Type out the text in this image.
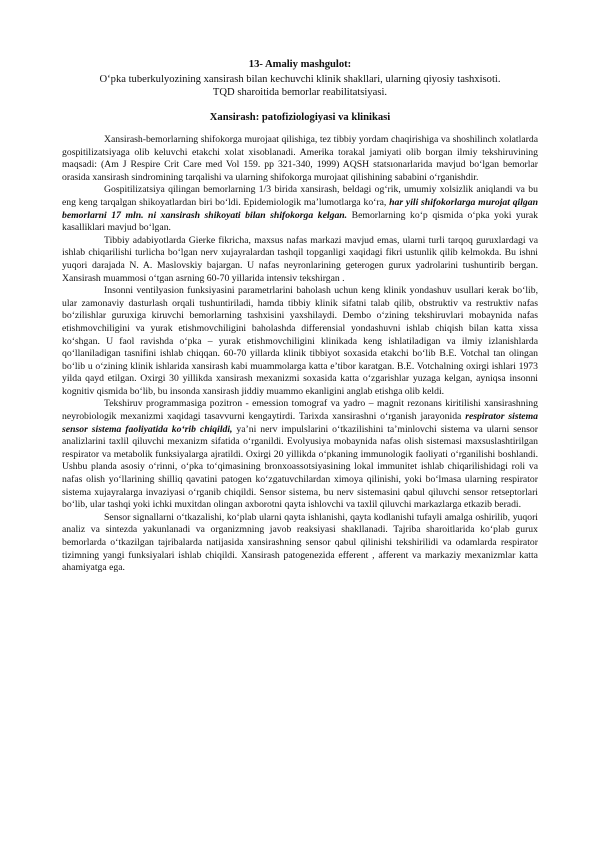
13- Amaliy mashgulot:

O‘pka tuberkulyozining xansirash bilan kechuvchi klinik shakllari, ularning qiyosiy tashxisoti.
TQD sharoitida bemorlar reabilitatsiyasi.

Xansirash: patofiziologiyasi va klinikasi

Xansirash-bemorlarning shifokorga murojaat qilishiga, tez tibbiy yordam chaqirishiga va shoshilinch xolatlarda gospitilizatsiyaga olib keluvchi etakchi xolat xisoblanadi. Amerika torakal jamiyati olib borgan ilmiy tekshiruvining maqsadi: (Am J Respire Crit Care med Vol 159. pp 321-340, 1999) AQSH statsıonarlarida mavjud bo‘lgan bemorlar orasida xansirash sindromining tarqalishi va ularning shifokorga murojaat qilishining sababini o‘rganishdir.

Gospitilizatsiya qilingan bemorlarning 1/3 birida xansirash, beldagi og‘rik, umumiy xolsizlik aniqlandi va bu eng keng tarqalgan shikoyatlardan biri bo‘ldi. Epidemiologik ma’lumotlarga ko‘ra, har yili shifokorlarga murojat qilgan bemorlarni 17 mln. ni xansirash shikoyati bilan shifokorga kelgan. Bemorlarning ko‘p qismida o‘pka yoki yurak kasalliklari mavjud bo‘lgan.

Tibbiy adabiyotlarda Gierke fikricha, maxsus nafas markazi mavjud emas, ularni turli tarqoq guruxlardagi va ishlab chiqarilishi turlicha bo‘lgan nerv xujayralardan tashqil topganligi xaqidagi fikri ustunlik qilib kelmokda. Bu ishni yuqori darajada N. A. Maslovskiy bajargan. U nafas neyronlarining geterogen gurux yadrolarini tushuntirib bergan. Xansirash muammosi o‘tgan asrning 60-70 yillarida intensiv tekshirgan .

Insonni ventilyasion funksiyasini parametrlarini baholash uchun keng klinik yondashuv usullari kerak bo‘lib, ular zamonaviy dasturlash orqali tushuntiriladi, hamda tibbiy klinik sifatni talab qilib, obstruktiv va restruktiv nafas bo‘zilishlar guruxiga kiruvchi bemorlarning tashxisini yaxshilaydi. Dembo o‘zining tekshiruvlari mobaynida nafas etishmovchiligini va yurak etishmovchiligini baholashda differensial yondashuvni ishlab chiqish bilan katta xissa ko‘shgan. U faol ravishda o‘pka – yurak etishmovchiligini klinikada keng ishlatiladigan va ilmiy izlanishlarda qo‘llaniladigan tasnifini ishlab chiqqan. 60-70 yillarda klinik tibbiyot soxasida etakchi bo‘lib B.E. Votchal tan olingan bo‘lib u o‘zining klinik ishlarida xansirash kabi muammolarga katta e’tibor karatgan. B.E. Votchalning oxirgi ishlari 1973 yilda qayd etilgan. Oxirgi 30 yillikda xansirash mexanizmi soxasida katta o‘zgarishlar yuzaga kelgan, ayniqsa insonni kognitiv qismida bo‘lib, bu insonda xansirash jiddiy muammo ekanligini anglab etishga olib keldi.

Tekshiruv programmasiga pozitron - emession tomograf va yadro – magnit rezonans kiritilishi xansirashning neyrobiologik mexanizmi xaqidagi tasavvurni kengaytirdi. Tarixda xansirashni o‘rganish jarayonida respirator sistema sensor sistema faoliyatida ko‘rib chiqildi, ya’ni nerv impulslarini o‘tkazilishini ta’minlovchi sistema va ularni sensor analizlarini taxlil qiluvchi mexanizm sifatida o‘rganildi. Evolyusiya mobaynida nafas olish sistemasi maxsuslashtirilgan respirator va metabolik funksiyalarga ajratildi. Oxirgi 20 yillikda o‘pkaning immunologik faoliyati o‘rganilishi boshlandi. Ushbu planda asosiy o‘rinni, o‘pka to‘qimasining bronxoassotsiyasining lokal immunitet ishlab chiqarilishidagi roli va nafas olish yo‘llarining shilliq qavatini patogen ko‘zgatuvchilardan ximoya qilinishi, yoki bo‘lmasa ularning respirator sistema xujayralarga invaziyasi o‘rganib chiqildi. Sensor sistema, bu nerv sistemasini qabul qiluvchi sensor retseptorlari bo‘lib, ular tashqi yoki ichki muxitdan olingan axborotni qayta ishlovchi va taxlil qiluvchi markazlarga etkazib beradi.

Sensor signallarni o‘tkazalishi, ko‘plab ularni qayta ishlanishi, qayta kodlanishi tufayli amalga oshirilib, yuqori analiz va sintezda yakunlanadi va organizmning javob reaksiyasi shakllanadi. Tajriba sharoitlarida ko‘plab gurux bemorlarda o‘tkazilgan tajribalarda natijasida xansirashning sensor qabul qilinishi tekshirilidi va odamlarda respirator tizimning yangi funksiyalari ishlab chiqildi. Xansirash patogenezida efferent , afferent va markaziy mexanizmlar katta ahamiyatga ega.
